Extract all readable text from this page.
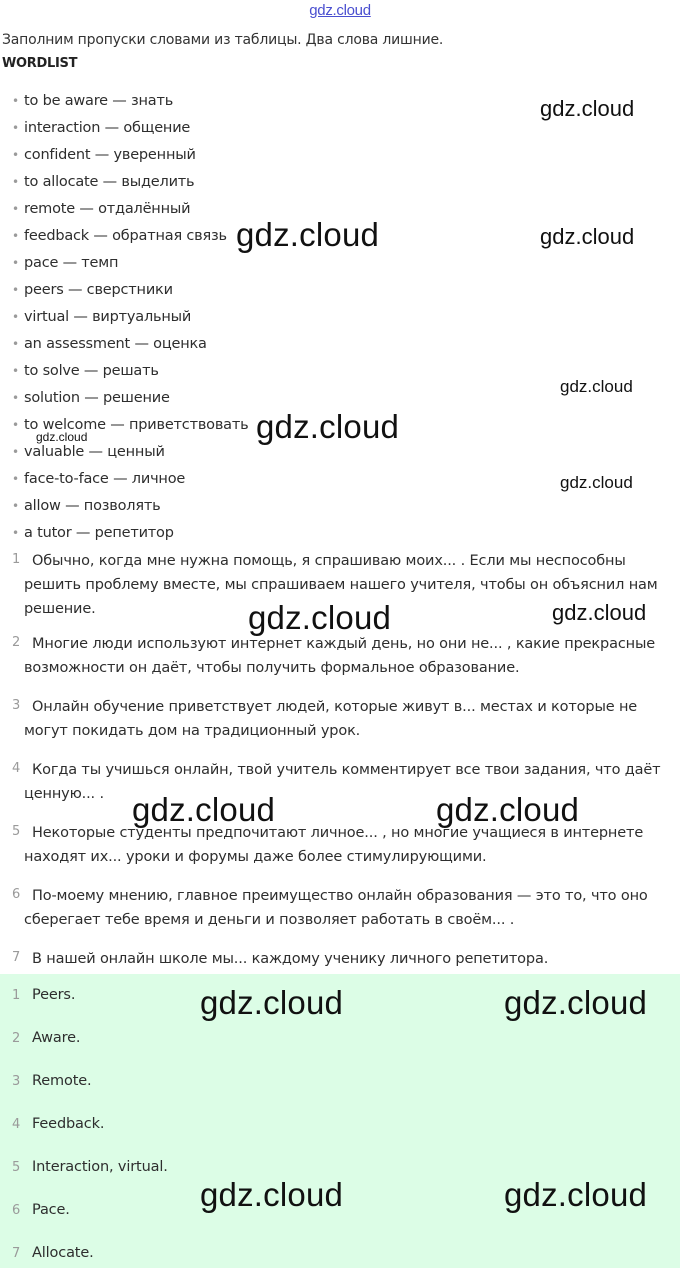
gdz.cloud
Заполним пропуски словами из таблицы. Два слова лишние.
WORDLIST
• to be aware — знать
• interaction — общение
• confident — уверенный
• to allocate — выделить
• remote — отдалённый
• feedback — обратная связь
• pace — темп
• peers — сверстники
• virtual — виртуальный
• an assessment — оценка
• to solve — решать
• solution — решение
• to welcome — приветствовать
• valuable — ценный
• face-to-face — личное
• allow — позволять
• a tutor — репетитор
1 Обычно, когда мне нужна помощь, я спрашиваю моих... . Если мы неспособны решить проблему вместе, мы спрашиваем нашего учителя, чтобы он объяснил нам решение.
2 Многие люди используют интернет каждый день, но они не... , какие прекрасные возможности он даёт, чтобы получить формальное образование.
3 Онлайн обучение приветствует людей, которые живут в... местах и которые не могут покидать дом на традиционный урок.
4 Когда ты учишься онлайн, твой учитель комментирует все твои задания, что даёт ценную... .
5 Некоторые студенты предпочитают личное... , но многие учащиеся в интернете находят их... уроки и форумы даже более стимулирующими.
6 По-моему мнению, главное преимущество онлайн образования — это то, что оно сберегает тебе время и деньги и позволяет работать в своём... .
7 В нашей онлайн школе мы... каждому ученику личного репетитора.
1 Peers.
2 Aware.
3 Remote.
4 Feedback.
5 Interaction, virtual.
6 Pace.
7 Allocate.
gdz.cloud
gdz.cloud	gdz.cloud
gdz.cloud
gdz.cloud
gdz.cloud
gdz.cloud
gdz.cloud	gdz.cloud
gdz.cloud	gdz.cloud
gdz.cloud	gdz.cloud
gdz.cloud	gdz.cloud
